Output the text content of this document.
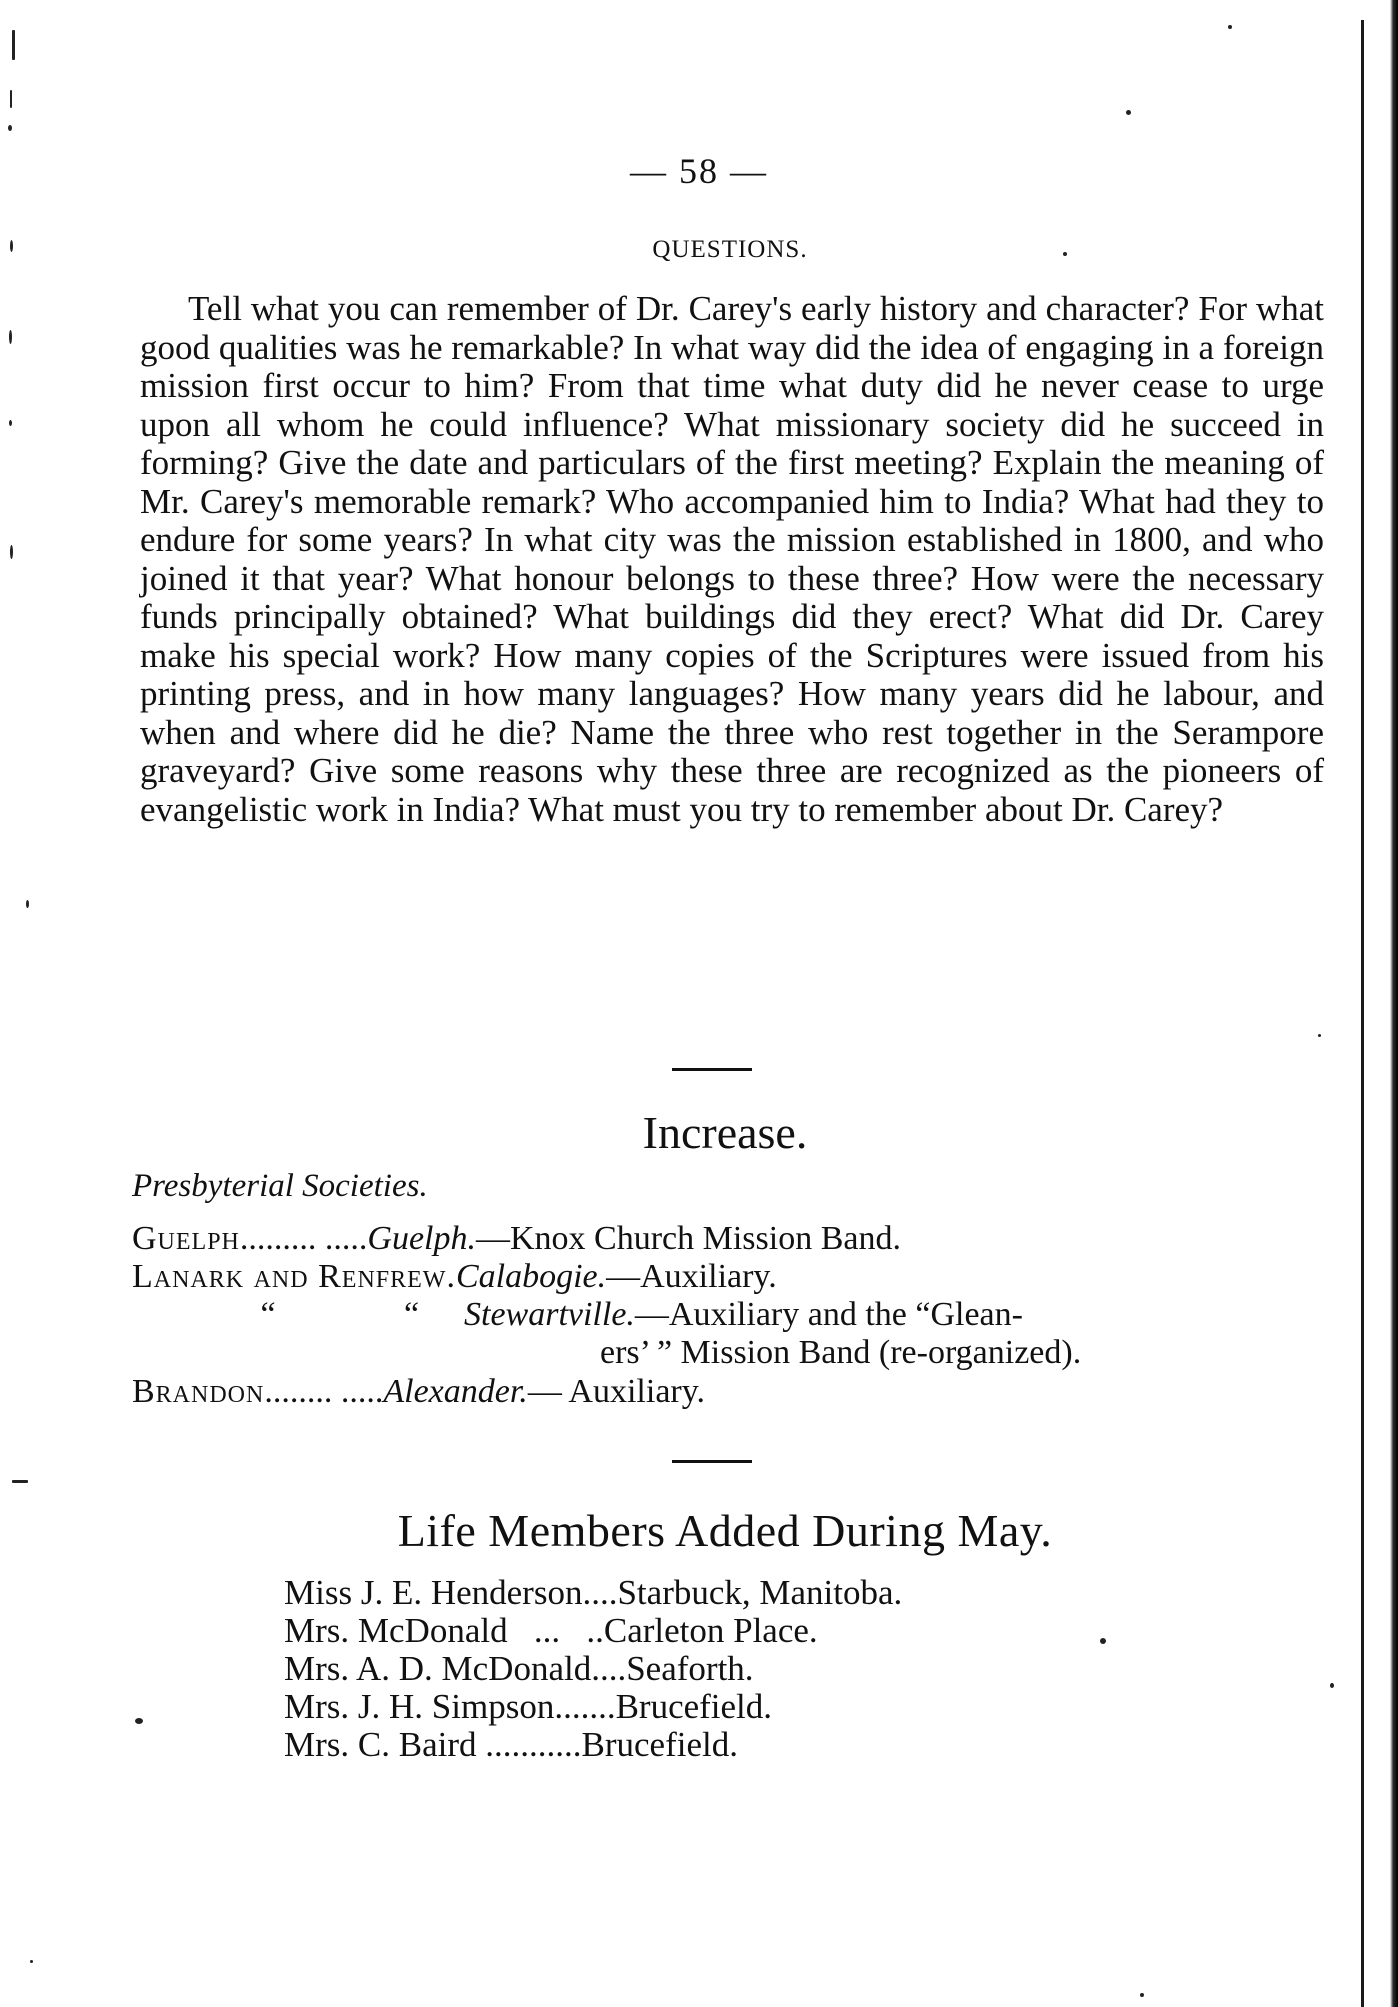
— 58 —
QUESTIONS.
Tell what you can remember of Dr. Carey's early history and character? For what good qualities was he remarkable? In what way did the idea of engaging in a foreign mission first occur to him? From that time what duty did he never cease to urge upon all whom he could influence? What missionary society did he succeed in forming? Give the date and particulars of the first meeting? Explain the meaning of Mr. Carey's memorable remark? Who accompanied him to India? What had they to endure for some years? In what city was the mission established in 1800, and who joined it that year? What honour belongs to these three? How were the necessary funds principally obtained? What buildings did they erect? What did Dr. Carey make his special work? How many copies of the Scriptures were issued from his printing press, and in how many languages? How many years did he labour, and when and where did he die? Name the three who rest together in the Serampore graveyard? Give some reasons why these three are recognized as the pioneers of evangelistic work in India? What must you try to remember about Dr. Carey?
Increase.
Presbyterial Societies.
Guelph......... .....Guelph.—Knox Church Mission Band.
Lanark and Renfrew.Calabogie.—Auxiliary.
“	“ Stewartville.—Auxiliary and the “Glean-
ers’ ” Mission Band (re-organized).
Brandon........ .....Alexander.— Auxiliary.
Life Members Added During May.
Miss J. E. Henderson....Starbuck, Manitoba.
Mrs. McDonald   ...   ..Carleton Place.
Mrs. A. D. McDonald....Seaforth.
Mrs. J. H. Simpson.......Brucefield.
Mrs. C. Baird ...........Brucefield.
